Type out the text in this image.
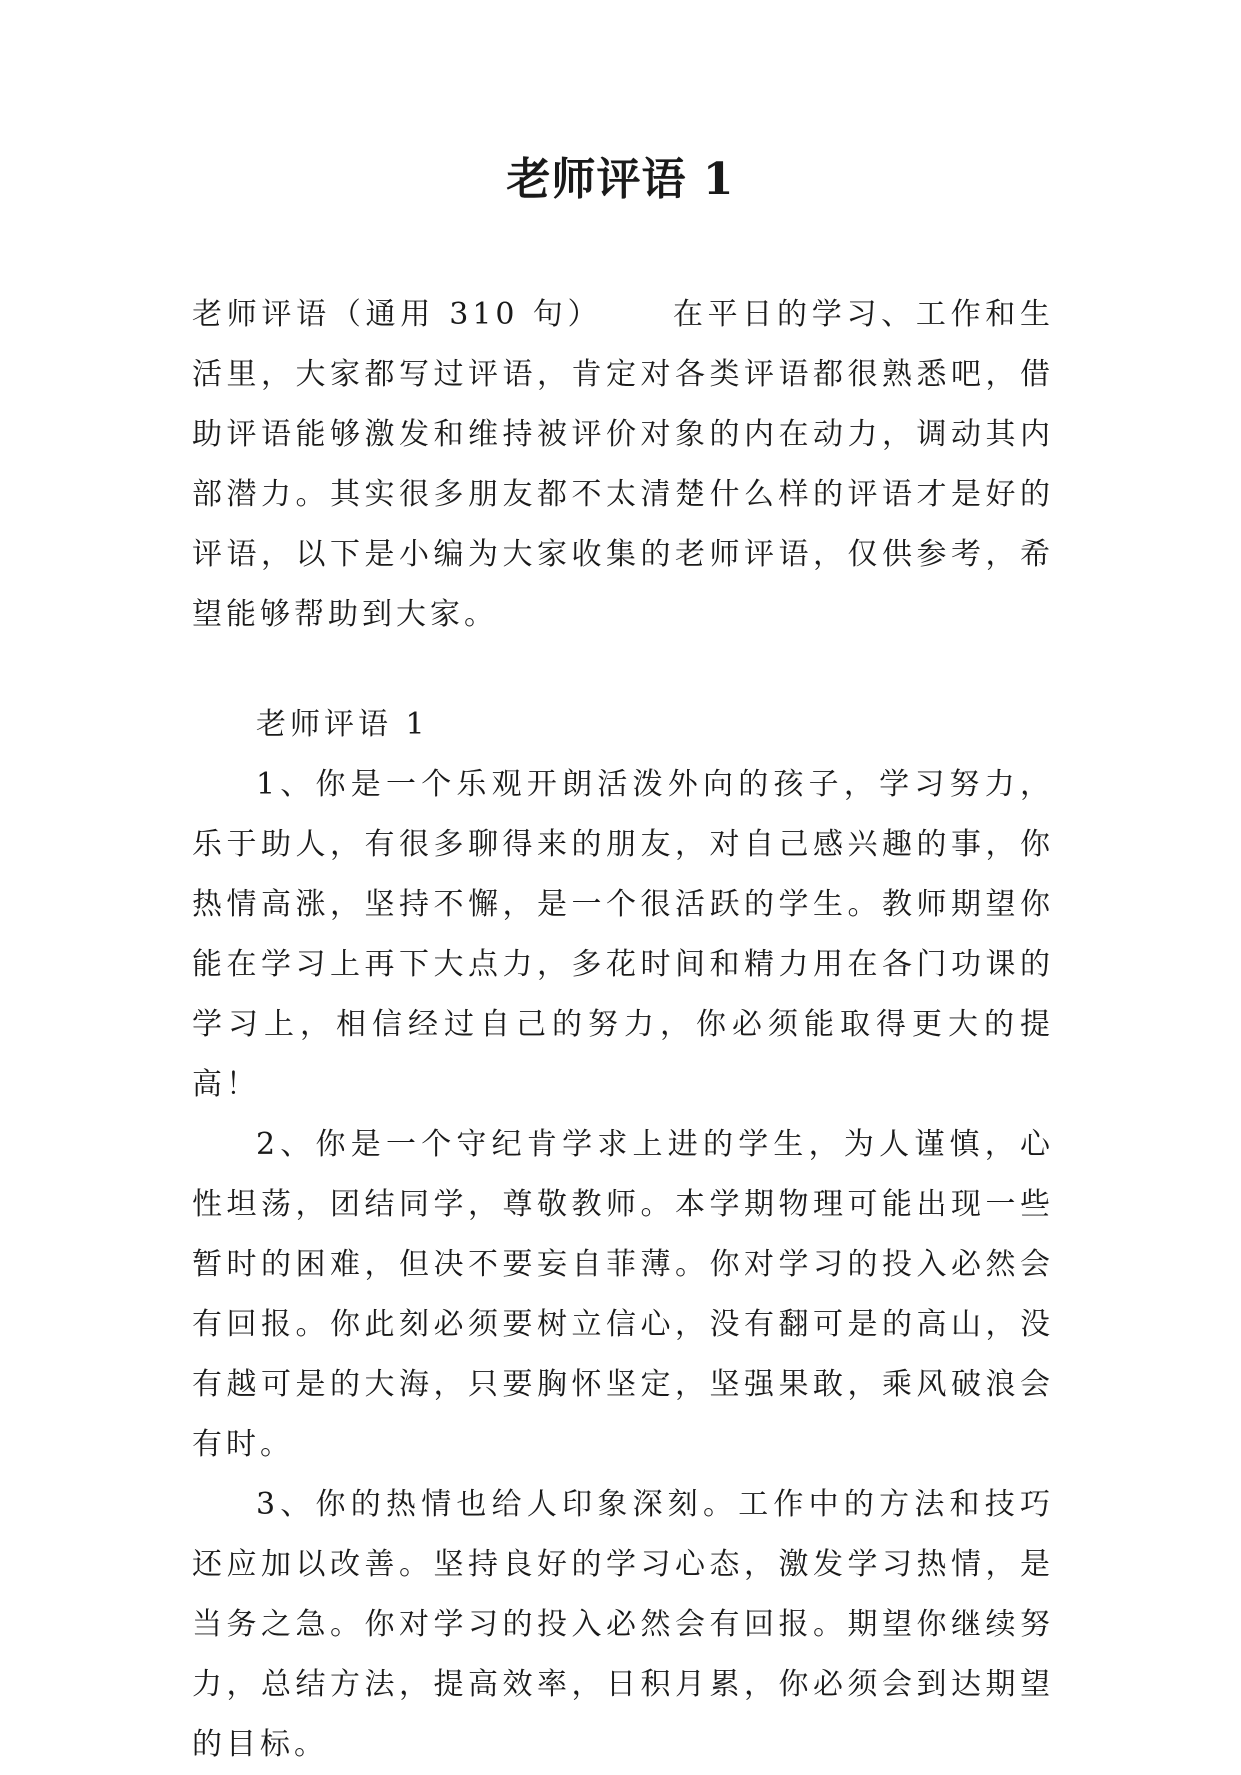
老师评语 1

老师评语（通用 310 句） 在平日的学习、工作和生活里，大家都写过评语，肯定对各类评语都很熟悉吧，借助评语能够激发和维持被评价对象的内在动力，调动其内部潜力。其实很多朋友都不太清楚什么样的评语才是好的评语，以下是小编为大家收集的老师评语，仅供参考，希望能够帮助到大家。

老师评语 1

1、你是一个乐观开朗活泼外向的孩子，学习努力，乐于助人，有很多聊得来的朋友，对自己感兴趣的事，你热情高涨，坚持不懈，是一个很活跃的学生。教师期望你能在学习上再下大点力，多花时间和精力用在各门功课的学习上，相信经过自己的努力，你必须能取得更大的提高！

2、你是一个守纪肯学求上进的学生，为人谨慎，心性坦荡，团结同学，尊敬教师。本学期物理可能出现一些暂时的困难，但决不要妄自菲薄。你对学习的投入必然会有回报。你此刻必须要树立信心，没有翻可是的高山，没有越可是的大海，只要胸怀坚定，坚强果敢，乘风破浪会有时。

3、你的热情也给人印象深刻。工作中的方法和技巧还应加以改善。坚持良好的学习心态，激发学习热情，是当务之急。你对学习的投入必然会有回报。期望你继续努力，总结方法，提高效率，日积月累，你必须会到达期望的目标。
